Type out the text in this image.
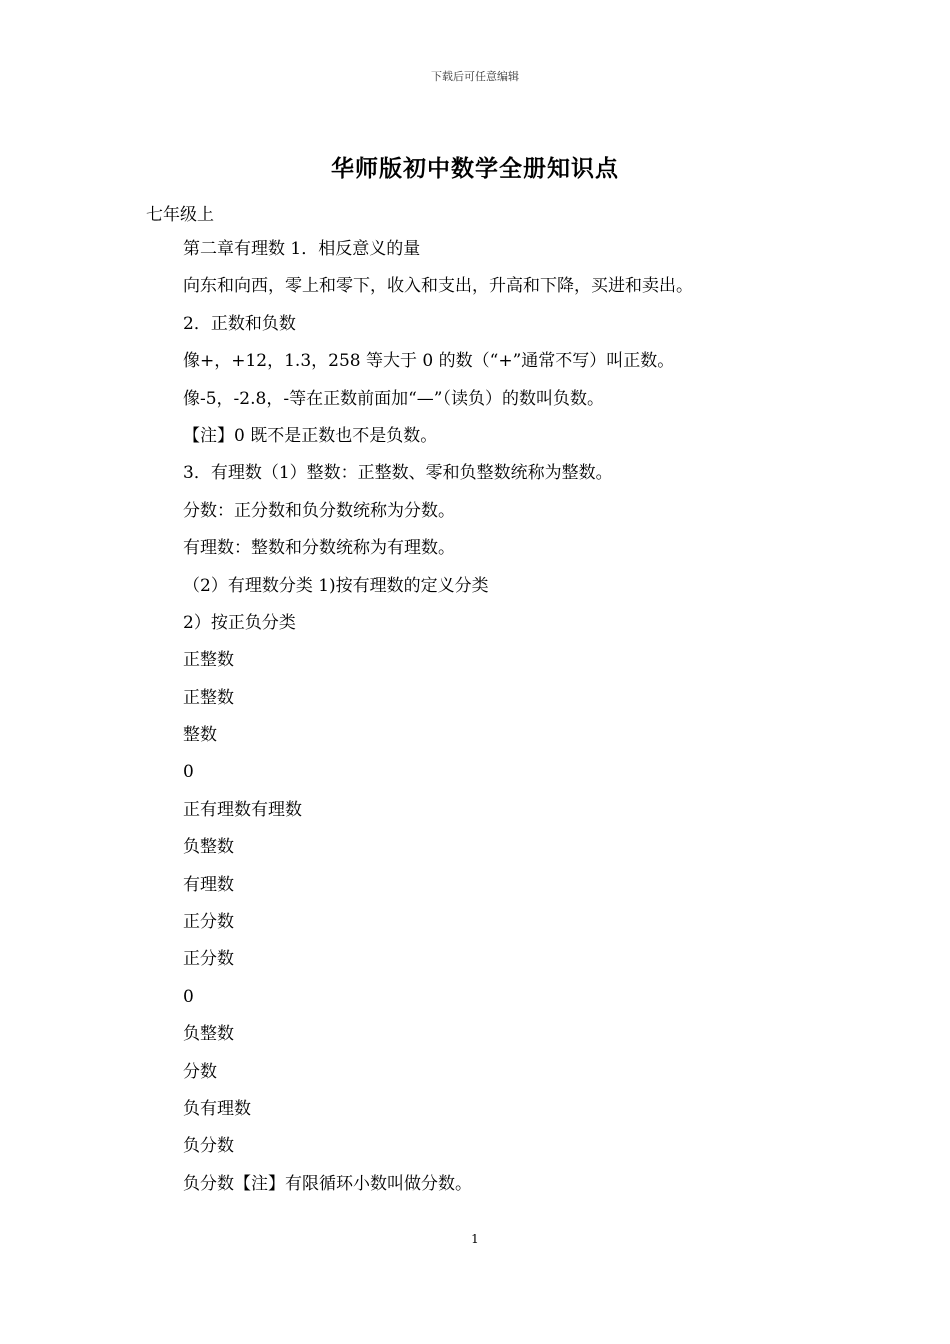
下载后可任意编辑
华师版初中数学全册知识点
七年级上
第二章有理数 1．相反意义的量
向东和向西，零上和零下，收入和支出，升高和下降，买进和卖出。
2．正数和负数
像+，+12，1.3，258 等大于 0 的数（“+”通常不写）叫正数。
像-5，-2.8，-等在正数前面加“—”（读负）的数叫负数。
【注】0 既不是正数也不是负数。
3．有理数（1）整数：正整数、零和负整数统称为整数。
分数：正分数和负分数统称为分数。
有理数：整数和分数统称为有理数。
（2）有理数分类 1)按有理数的定义分类
2）按正负分类
正整数
正整数
整数
0
正有理数有理数
负整数
有理数
正分数
正分数
0
负整数
分数
负有理数
负分数
负分数【注】有限循环小数叫做分数。
1
